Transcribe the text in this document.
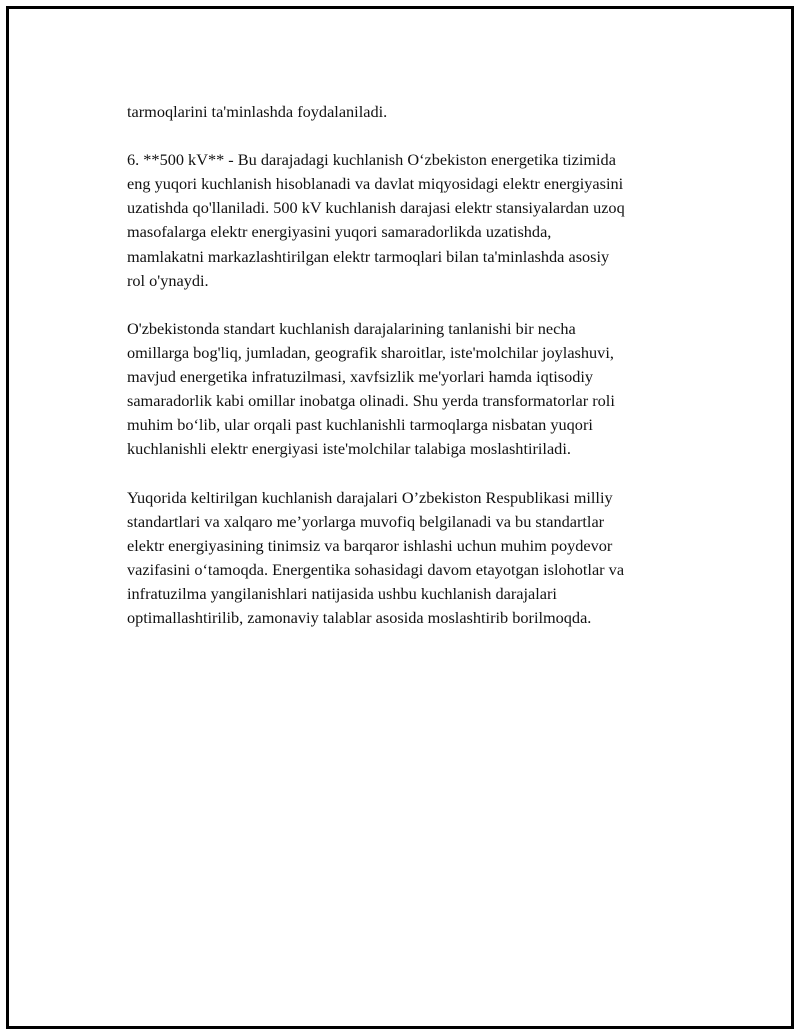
tarmoqlarini ta'minlashda foydalaniladi.

6. **500 kV** - Bu darajadagi kuchlanish O‘zbekiston energetika tizimida
eng yuqori kuchlanish hisoblanadi va davlat miqyosidagi elektr energiyasini
uzatishda qo'llaniladi. 500 kV kuchlanish darajasi elektr stansiyalardan uzoq
masofalarga elektr energiyasini yuqori samaradorlikda uzatishda,
mamlakatni markazlashtirilgan elektr tarmoqlari bilan ta'minlashda asosiy
rol o'ynaydi.

O'zbekistonda standart kuchlanish darajalarining tanlanishi bir necha
omillarga bog'liq, jumladan, geografik sharoitlar, iste'molchilar joylashuvi,
mavjud energetika infratuzilmasi, xavfsizlik me'yorlari hamda iqtisodiy
samaradorlik kabi omillar inobatga olinadi. Shu yerda transformatorlar roli
muhim bo‘lib, ular orqali past kuchlanishli tarmoqlarga nisbatan yuqori
kuchlanishli elektr energiyasi iste'molchilar talabiga moslashtiriladi.

Yuqorida keltirilgan kuchlanish darajalari O’zbekiston Respublikasi milliy
standartlari va xalqaro me’yorlarga muvofiq belgilanadi va bu standartlar
elektr energiyasining tinimsiz va barqaror ishlashi uchun muhim poydevor
vazifasini o‘tamoqda. Energentika sohasidagi davom etayotgan islohotlar va
infratuzilma yangilanishlari natijasida ushbu kuchlanish darajalari
optimallashtirilib, zamonaviy talablar asosida moslashtirib borilmoqda.
